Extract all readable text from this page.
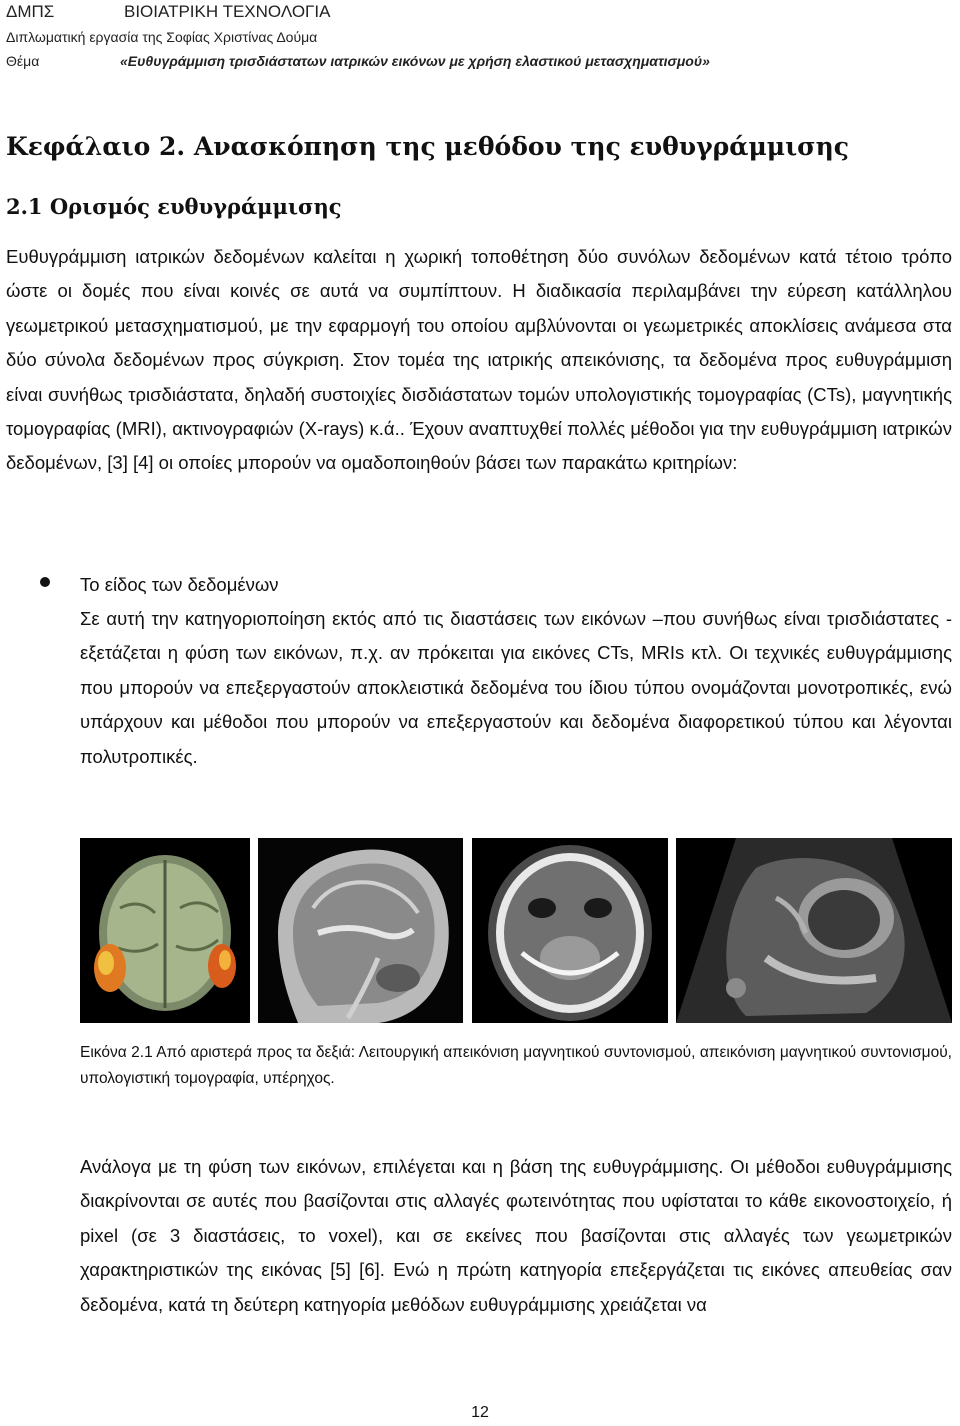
ΔΜΠΣ	ΒΙΟΙΑΤΡΙΚΗ ΤΕΧΝΟΛΟΓΙΑ
Διπλωματική εργασία της Σοφίας Χριστίνας Δούμα
Θέμα	«Ευθυγράμμιση τρισδιάστατων ιατρικών εικόνων με χρήση ελαστικού μετασχηματισμού»
Κεφάλαιο 2. Ανασκόπηση της μεθόδου της ευθυγράμμισης
2.1 Ορισμός ευθυγράμμισης
Ευθυγράμμιση ιατρικών δεδομένων καλείται η χωρική τοποθέτηση δύο συνόλων δεδομένων κατά τέτοιο τρόπο ώστε οι δομές που είναι κοινές σε αυτά να συμπίπτουν. Η διαδικασία περιλαμβάνει την εύρεση κατάλληλου γεωμετρικού μετασχηματισμού, με την εφαρμογή του οποίου αμβλύνονται οι γεωμετρικές αποκλίσεις ανάμεσα στα δύο σύνολα δεδομένων προς σύγκριση. Στον τομέα της ιατρικής απεικόνισης, τα δεδομένα προς ευθυγράμμιση είναι συνήθως τρισδιάστατα, δηλαδή συστοιχίες δισδιάστατων τομών υπολογιστικής τομογραφίας (CTs), μαγνητικής τομογραφίας (MRI), ακτινογραφιών (X-rays) κ.ά.. Έχουν αναπτυχθεί πολλές μέθοδοι για την ευθυγράμμιση ιατρικών δεδομένων, [3] [4] οι οποίες μπορούν να ομαδοποιηθούν βάσει των παρακάτω κριτηρίων:
Το είδος των δεδομένων
Σε αυτή την κατηγοριοποίηση εκτός από τις διαστάσεις των εικόνων –που συνήθως είναι τρισδιάστατες - εξετάζεται η φύση των εικόνων, π.χ. αν πρόκειται για εικόνες CTs, MRIs κτλ. Οι τεχνικές ευθυγράμμισης που μπορούν να επεξεργαστούν αποκλειστικά δεδομένα του ίδιου τύπου ονομάζονται μονοτροπικές, ενώ υπάρχουν και μέθοδοι που μπορούν να επεξεργαστούν και δεδομένα διαφορετικού τύπου και λέγονται πολυτροπικές.
Εικόνα 2.1 Από αριστερά προς τα δεξιά: Λειτουργική απεικόνιση μαγνητικού συντονισμού, απεικόνιση μαγνητικού συντονισμού, υπολογιστική τομογραφία, υπέρηχος.
Ανάλογα με τη φύση των εικόνων, επιλέγεται και η βάση της ευθυγράμμισης. Οι μέθοδοι ευθυγράμμισης διακρίνονται σε αυτές που βασίζονται στις αλλαγές φωτεινότητας που υφίσταται το κάθε εικονοστοιχείο, ή pixel (σε 3 διαστάσεις, το voxel), και σε εκείνες που βασίζονται στις αλλαγές των γεωμετρικών χαρακτηριστικών της εικόνας [5] [6]. Ενώ η πρώτη κατηγορία επεξεργάζεται τις εικόνες απευθείας σαν δεδομένα, κατά τη δεύτερη κατηγορία μεθόδων ευθυγράμμισης χρειάζεται να
12
